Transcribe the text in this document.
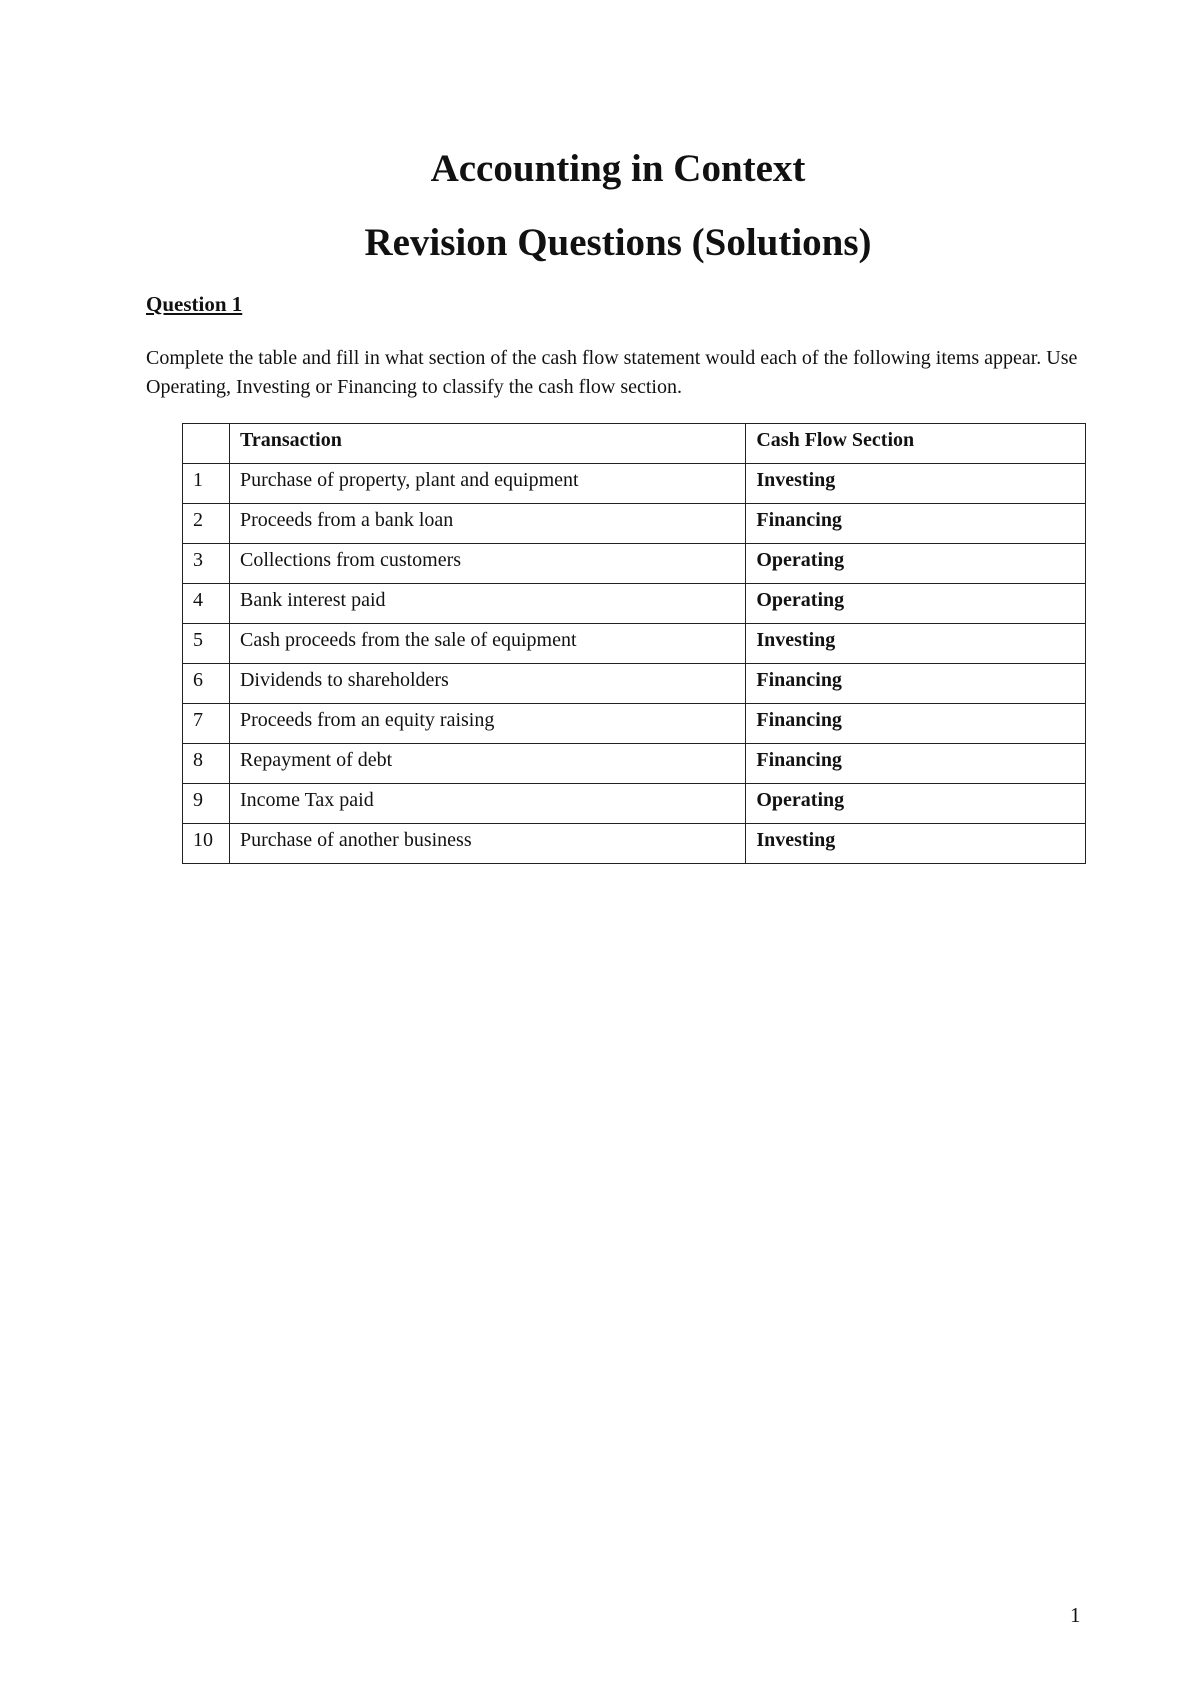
Accounting in Context
Revision Questions (Solutions)

Question 1

Complete the table and fill in what section of the cash flow statement would each of the following items appear. Use Operating, Investing or Financing to classify the cash flow section.

	Transaction	Cash Flow Section
1	Purchase of property, plant and equipment	Investing
2	Proceeds from a bank loan	Financing
3	Collections from customers	Operating
4	Bank interest paid	Operating
5	Cash proceeds from the sale of equipment	Investing
6	Dividends to shareholders	Financing
7	Proceeds from an equity raising	Financing
8	Repayment of debt	Financing
9	Income Tax paid	Operating
10	Purchase of another business	Investing
1
